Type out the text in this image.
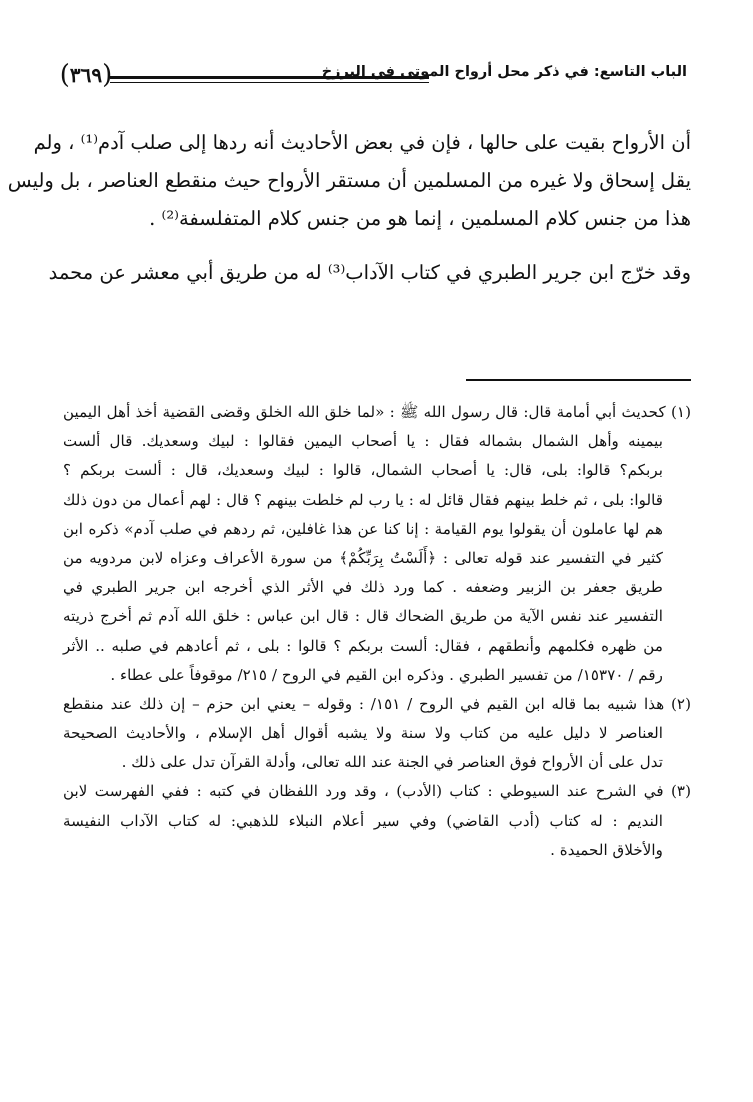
الباب التاسع: في ذكر محل أرواح الموتى في البرزخ
( ٣٦٩ )
أن الأرواح بقيت على حالها ، فإن في بعض الأحاديث أنه ردها إلى صلب آدم⁽¹⁾ ، ولم
يقل إسحاق ولا غيره من المسلمين أن مستقر الأرواح حيث منقطع العناصر ، بل وليس
هذا من جنس كلام المسلمين ، إنما هو من جنس كلام المتفلسفة⁽²⁾ .
وقد خرّج ابن جرير الطبري في كتاب الآداب⁽³⁾ له من طريق أبي معشر عن محمد
(١) كحديث أبي أمامة قال: قال رسول الله ﷺ : «لما خلق الله الخلق وقضى القضية أخذ أهل اليمين
بيمينه وأهل الشمال بشماله فقال : يا أصحاب اليمين فقالوا : لبيك وسعديك. قال ألست
بربكم؟ قالوا: بلى، قال: يا أصحاب الشمال، قالوا : لبيك وسعديك، قال : ألست بربكم ؟
قالوا: بلى ، ثم خلط بينهم فقال قائل له : يا رب لم خلطت بينهم ؟ قال : لهم أعمال من دون ذلك
هم لها عاملون أن يقولوا يوم القيامة : إنا كنا عن هذا غافلين، ثم ردهم في صلب آدم» ذكره ابن
كثير في التفسير عند قوله تعالى : ﴿أَلَسْتُ بِرَبِّكُمْ﴾ من سورة الأعراف وعزاه لابن مردويه من
طريق جعفر بن الزبير وضعفه . كما ورد ذلك في الأثر الذي أخرجه ابن جرير الطبري في
التفسير عند نفس الآية من طريق الضحاك قال : قال ابن عباس : خلق الله آدم ثم أخرج ذريته
من ظهره فكلمهم وأنطقهم ، فقال: ألست بربكم ؟ قالوا : بلى ، ثم أعادهم في صلبه .. الأثر
رقم / ١٥٣٧٠/ من تفسير الطبري . وذكره ابن القيم في الروح / ٢١٥/ موقوفاً على عطاء .
(٢) هذا شبيه بما قاله ابن القيم في الروح / ١٥١/ : وقوله – يعني ابن حزم – إن ذلك عند منقطع
العناصر لا دليل عليه من كتاب ولا سنة ولا يشبه أقوال أهل الإسلام ، والأحاديث الصحيحة
تدل على أن الأرواح فوق العناصر في الجنة عند الله تعالى، وأدلة القرآن تدل على ذلك .
(٣) في الشرح عند السيوطي : كتاب (الأدب) ، وقد ورد اللفظان في كتبه : ففي الفهرست لابن
النديم : له كتاب (أدب القاضي) وفي سير أعلام النبلاء للذهبي: له كتاب الآداب النفيسة
والأخلاق الحميدة .
